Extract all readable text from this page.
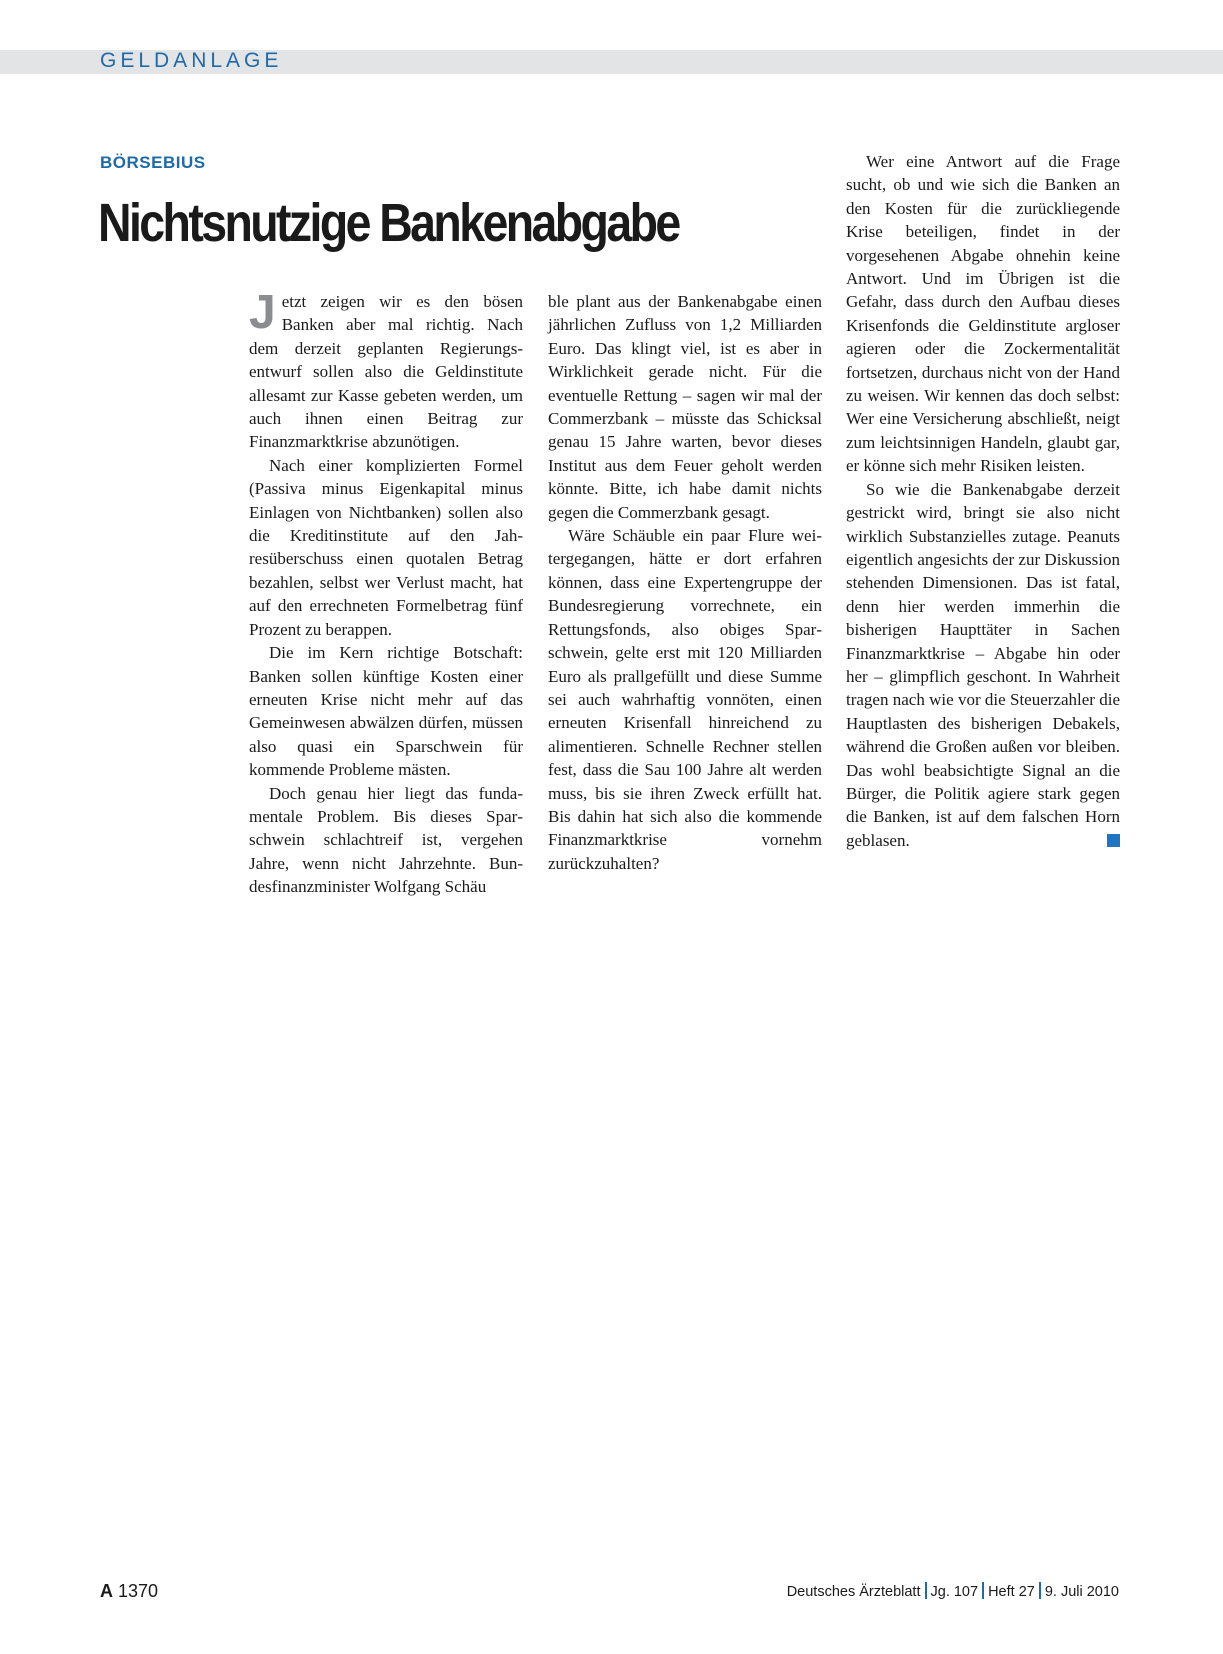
GELDANLAGE
BÖRSEBIUS
Nichtsnutzige Bankenabgabe

Jetzt zeigen wir es den bösen Banken aber mal richtig. Nach dem derzeit geplanten Regierungsentwurf sollen also die Geldinstitute allesamt zur Kasse gebeten werden, um auch ihnen einen Beitrag zur Finanzmarktkrise abzunötigen.

Nach einer komplizierten Formel (Passiva minus Eigenkapital minus Einlagen von Nichtbanken) sollen also die Kreditinstitute auf den Jahresüberschuss einen quotalen Betrag bezahlen, selbst wer Verlust macht, hat auf den errechneten Formelbetrag fünf Prozent zu berappen.

Die im Kern richtige Botschaft: Banken sollen künftige Kosten einer erneuten Krise nicht mehr auf das Gemeinwesen abwälzen dürfen, müssen also quasi ein Sparschwein für kommende Probleme mästen.

Doch genau hier liegt das fundamentale Problem. Bis dieses Sparschwein schlachtreif ist, vergehen Jahre, wenn nicht Jahrzehnte. Bundesfinanzminister Wolfgang Schäu

ble plant aus der Bankenabgabe einen jährlichen Zufluss von 1,2 Milliarden Euro. Das klingt viel, ist es aber in Wirklichkeit gerade nicht. Für die eventuelle Rettung – sagen wir mal der Commerzbank – müsste das Schicksal genau 15 Jahre warten, bevor dieses Institut aus dem Feuer geholt werden könnte. Bitte, ich habe damit nichts gegen die Commerzbank gesagt.

Wäre Schäuble ein paar Flure weitergegangen, hätte er dort erfahren können, dass eine Expertengruppe der Bundesregierung vorrechnete, ein Rettungsfonds, also obiges Sparschwein, gelte erst mit 120 Milliarden Euro als prallgefüllt und diese Summe sei auch wahrhaftig vonnöten, einen erneuten Krisenfall hinreichend zu alimentieren. Schnelle Rechner stellen fest, dass die Sau 100 Jahre alt werden muss, bis sie ihren Zweck erfüllt hat. Bis dahin hat sich also die kommende Finanzmarktkrise vornehm zurückzuhalten?

Wer eine Antwort auf die Frage sucht, ob und wie sich die Banken an den Kosten für die zurückliegende Krise beteiligen, findet in der vorgesehenen Abgabe ohnehin keine Antwort. Und im Übrigen ist die Gefahr, dass durch den Aufbau dieses Krisenfonds die Geldinstitute argloser agieren oder die Zockermentalität fortsetzen, durchaus nicht von der Hand zu weisen. Wir kennen das doch selbst: Wer eine Versicherung abschließt, neigt zum leichtsinnigen Handeln, glaubt gar, er könne sich mehr Risiken leisten.

So wie die Bankenabgabe derzeit gestrickt wird, bringt sie also nicht wirklich Substanzielles zutage. Peanuts eigentlich angesichts der zur Diskussion stehenden Dimensionen. Das ist fatal, denn hier werden immerhin die bisherigen Haupttäter in Sachen Finanzmarktkrise – Abgabe hin oder her – glimpflich geschont. In Wahrheit tragen nach wie vor die Steuerzahler die Hauptlasten des bisherigen Debakels, während die Großen außen vor bleiben. Das wohl beabsichtigte Signal an die Bürger, die Politik agiere stark gegen die Banken, ist auf dem falschen Horn geblasen.

A 1370	Deutsches Ärzteblatt Jg. 107 Heft 27 9. Juli 2010
